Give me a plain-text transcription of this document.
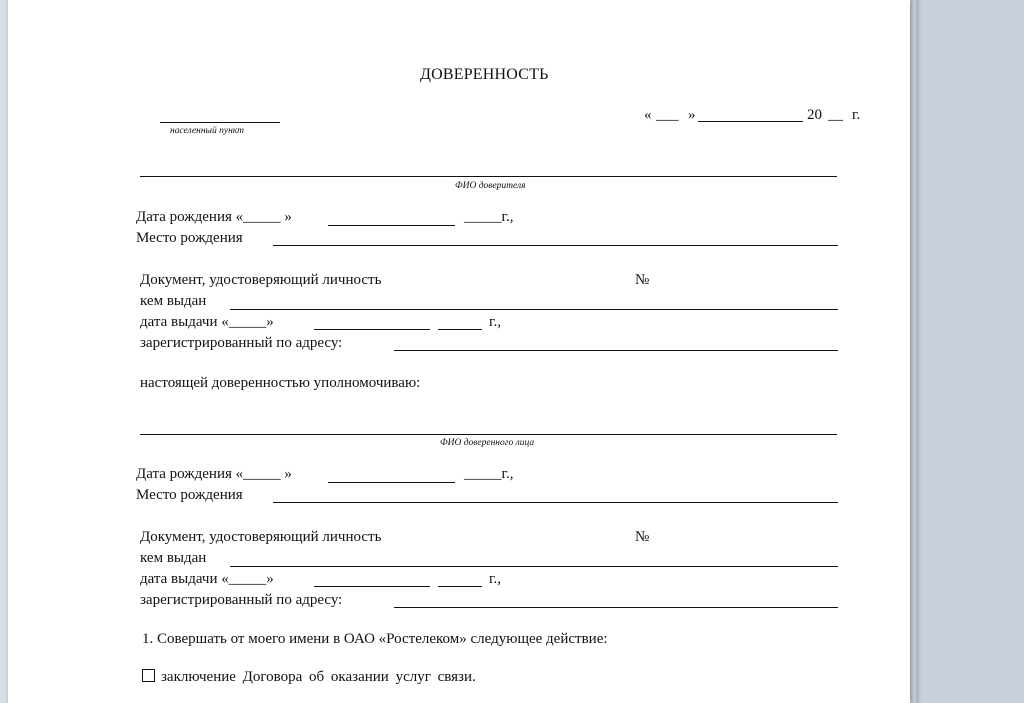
ДОВЕРЕННОСТЬ
населенный пункт
« ___ »	20 __ г.
ФИО доверителя
Дата рождения «_____ »	_____г.,
Место рождения
Документ, удостоверяющий личность	№
кем выдан
дата выдачи «_____»	г.,
зарегистрированный по адресу:
настоящей доверенностью уполномочиваю:
ФИО доверенного лица
Дата рождения «_____ »	_____г.,
Место рождения
Документ, удостоверяющий личность	№
кем выдан
дата выдачи «_____»	г.,
зарегистрированный по адресу:
1. Совершать от моего имени в ОАО «Ростелеком» следующее действие:
заключение Договора об оказании услуг связи.
